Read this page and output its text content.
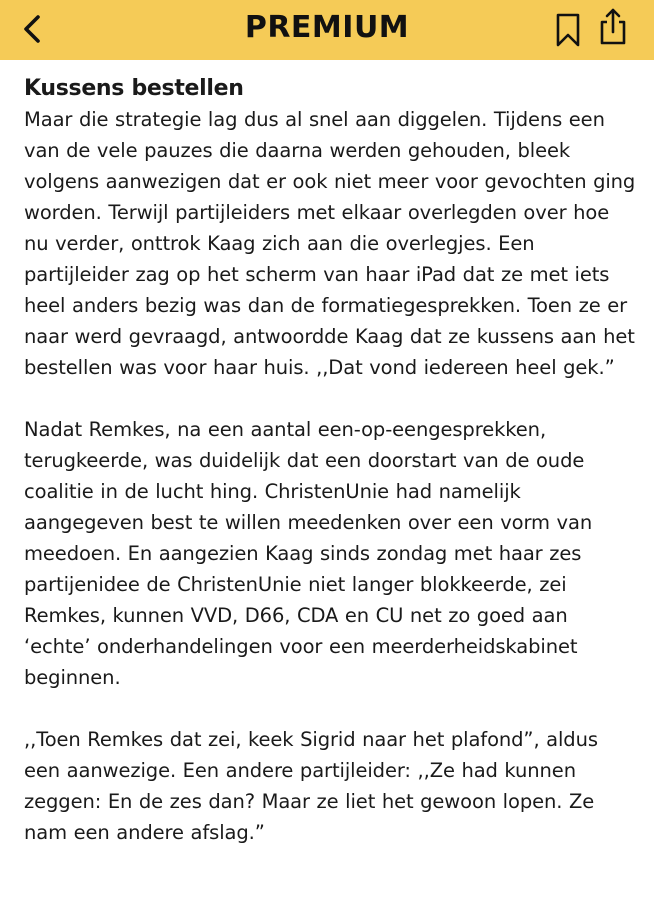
PREMIUM
Kussens bestellen

Maar die strategie lag dus al snel aan diggelen. Tijdens een van de vele pauzes die daarna werden gehouden, bleek volgens aanwezigen dat er ook niet meer voor gevochten ging worden. Terwijl partijleiders met elkaar overlegden over hoe nu verder, onttrok Kaag zich aan die overlegjes. Een partijleider zag op het scherm van haar iPad dat ze met iets heel anders bezig was dan de formatiegesprekken. Toen ze er naar werd gevraagd, antwoordde Kaag dat ze kussens aan het bestellen was voor haar huis. ,,Dat vond iedereen heel gek.”

Nadat Remkes, na een aantal een-op-eengesprekken, terugkeerde, was duidelijk dat een doorstart van de oude coalitie in de lucht hing. ChristenUnie had namelijk aangegeven best te willen meedenken over een vorm van meedoen. En aangezien Kaag sinds zondag met haar zes partijenidee de ChristenUnie niet langer blokkeerde, zei Remkes, kunnen VVD, D66, CDA en CU net zo goed aan ‘echte’ onderhandelingen voor een meerderheidskabinet beginnen.

,,Toen Remkes dat zei, keek Sigrid naar het plafond”, aldus een aanwezige. Een andere partijleider: ,,Ze had kunnen zeggen: En de zes dan? Maar ze liet het gewoon lopen. Ze nam een andere afslag.”
